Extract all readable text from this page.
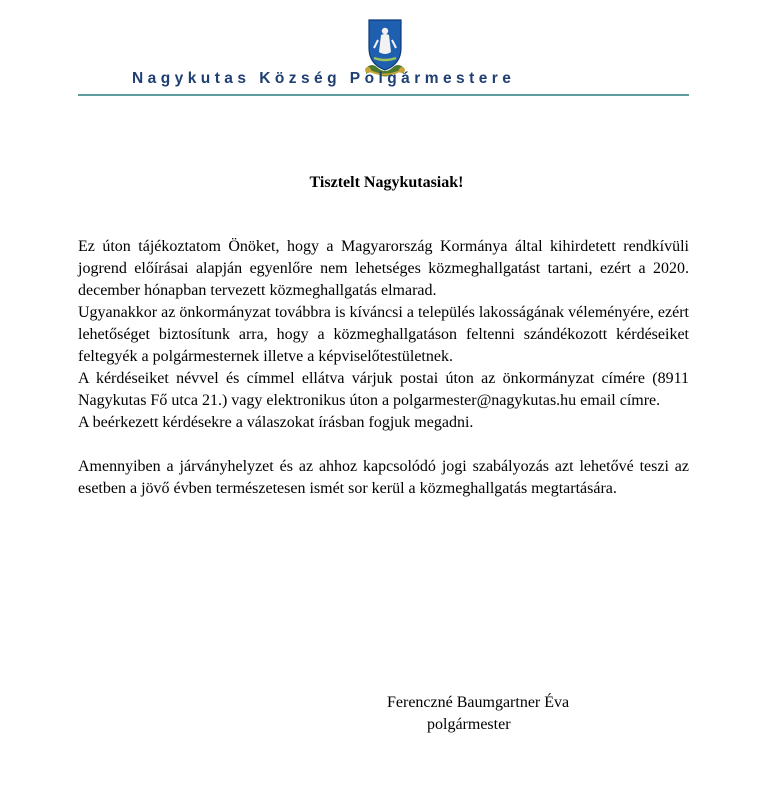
Nagykutas Község Polgármestere
Tisztelt Nagykutasiak!

Ez úton tájékoztatom Önöket, hogy a Magyarország Kormánya által kihirdetett rendkívüli jogrend előírásai alapján egyenlőre nem lehetséges közmeghallgatást tartani, ezért a 2020. december hónapban tervezett közmeghallgatás elmarad.

Ugyanakkor az önkormányzat továbbra is kíváncsi a település lakosságának véleményére, ezért lehetőséget biztosítunk arra, hogy a közmeghallgatáson feltenni szándékozott kérdéseiket feltegyék a polgármesternek illetve a képviselőtestületnek.

A kérdéseiket névvel és címmel ellátva várjuk postai úton az önkormányzat címére (8911 Nagykutas Fő utca 21.) vagy elektronikus úton a polgarmester@nagykutas.hu email címre.

A beérkezett kérdésekre a válaszokat írásban fogjuk megadni.

Amennyiben a járványhelyzet és az ahhoz kapcsolódó jogi szabályozás azt lehetővé teszi az esetben a jövő évben természetesen ismét sor kerül a közmeghallgatás megtartására.

Ferenczné Baumgartner Éva
polgármester
